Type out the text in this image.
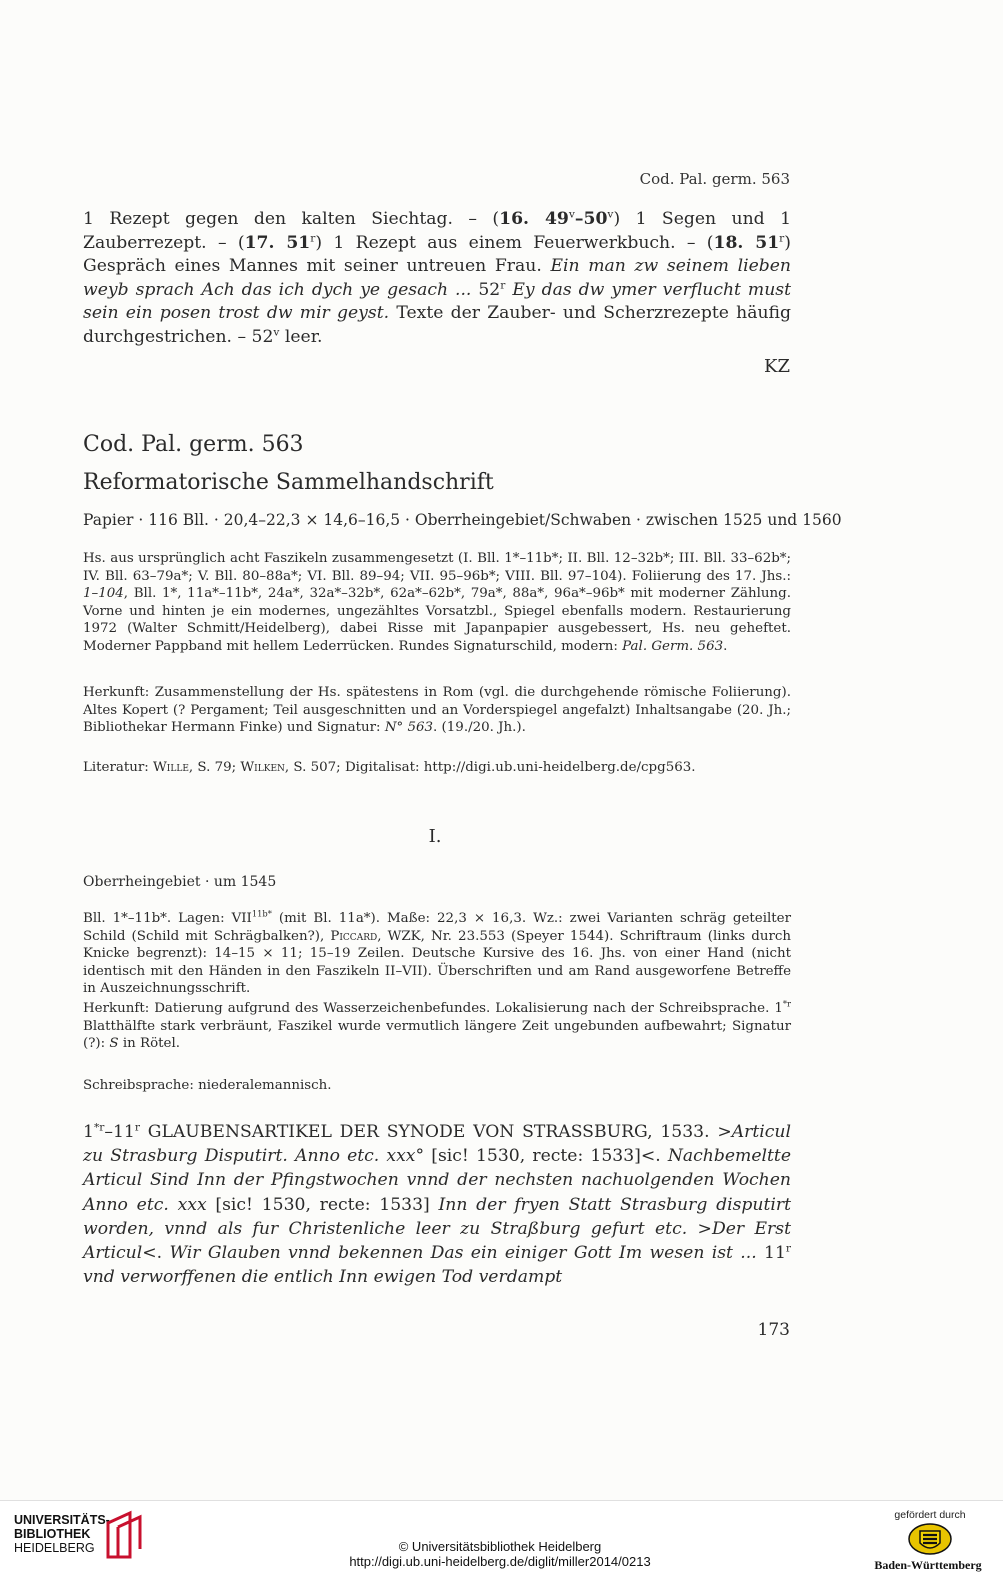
Cod. Pal. germ. 563
1 Rezept gegen den kalten Siechtag. – (16. 49$^v$–50$^v$) 1 Segen und 1 Zauberrezept. – (17. 51$^r$) 1 Rezept aus einem Feuerwerkbuch. – (18. 51$^r$) Gespräch eines Mannes mit seiner untreuen Frau. Ein man zw seinem lieben weyb sprach Ach das ich dych ye gesach ... 52$^r$ Ey das dw ymer verflucht must sein ein posen trost dw mir geyst. Texte der Zauber- und Scherzrezepte häufig durchgestrichen. – 52$^v$ leer.
KZ
Cod. Pal. germ. 563
Reformatorische Sammelhandschrift
Papier · 116 Bll. · 20,4–22,3 × 14,6–16,5 · Oberrheingebiet/Schwaben · zwischen 1525 und 1560
Hs. aus ursprünglich acht Faszikeln zusammengesetzt (I. Bll. 1*–11b*; II. Bll. 12–32b*; III. Bll. 33–62b*; IV. Bll. 63–79a*; V. Bll. 80–88a*; VI. Bll. 89–94; VII. 95–96b*; VIII. Bll. 97–104). Foliierung des 17. Jhs.: 1–104, Bll. 1*, 11a*–11b*, 24a*, 32a*–32b*, 62a*–62b*, 79a*, 88a*, 96a*–96b* mit moderner Zählung. Vorne und hinten je ein modernes, ungezähltes Vorsatzbl., Spiegel ebenfalls modern. Restaurierung 1972 (Walter Schmitt/Heidelberg), dabei Risse mit Japanpapier ausgebessert, Hs. neu geheftet. Moderner Pappband mit hellem Lederrücken. Rundes Signaturschild, modern: Pal. Germ. 563.
Herkunft: Zusammenstellung der Hs. spätestens in Rom (vgl. die durchgehende römische Foliierung). Altes Kopert (? Pergament; Teil ausgeschnitten und an Vorderspiegel angefalzt) Inhaltsangabe (20. Jh.; Bibliothekar Hermann Finke) und Signatur: N° 563. (19./20. Jh.).
Literatur: Wille, S. 79; Wilken, S. 507; Digitalisat: http://digi.ub.uni-heidelberg.de/cpg563.
I.
Oberrheingebiet · um 1545
Bll. 1*–11b*. Lagen: $VII^{11b*}$ (mit Bl. 11a*). Maße: 22,3 × 16,3. Wz.: zwei Varianten schräg geteilter Schild (Schild mit Schrägbalken?), Piccard, WZK, Nr. 23.553 (Speyer 1544). Schriftraum (links durch Knicke begrenzt): 14–15 × 11; 15–19 Zeilen. Deutsche Kursive des 16. Jhs. von einer Hand (nicht identisch mit den Händen in den Faszikeln II–VII). Überschriften und am Rand ausgeworfene Betreffe in Auszeichnungsschrift.
Herkunft: Datierung aufgrund des Wasserzeichenbefundes. Lokalisierung nach der Schreibsprache. 1$^{*r}$ Blatthälfte stark verbräunt, Faszikel wurde vermutlich längere Zeit ungebunden aufbewahrt; Signatur (?): S in Rötel.
Schreibsprache: niederalemannisch.
1$^{*r}$–11$^r$ GLAUBENSARTIKEL DER SYNODE VON STRASSBURG, 1533. >Articul zu Strasburg Disputirt. Anno etc. xxx° [sic! 1530, recte: 1533]<. Nachbemeltte Articul Sind Inn der Pfingstwochen vnnd der nechsten nachuolgenden Wochen Anno etc. xxx [sic! 1530, recte: 1533] Inn der fryen Statt Strasburg disputirt worden, vnnd als fur Christenliche leer zu Straßburg gefurt etc. >Der Erst Articul<. Wir Glauben vnnd bekennen Das ein einiger Gott Im wesen ist ... 11$^r$ vnd verworffenen die entlich Inn ewigen Tod verdampt
173
UNIVERSITÄTS-
BIBLIOTHEK
HEIDELBERG	© Universitätsbibliothek Heidelberg
http://digi.ub.uni-heidelberg.de/diglit/miller2014/0213
gefördert durch
Baden-Württemberg
